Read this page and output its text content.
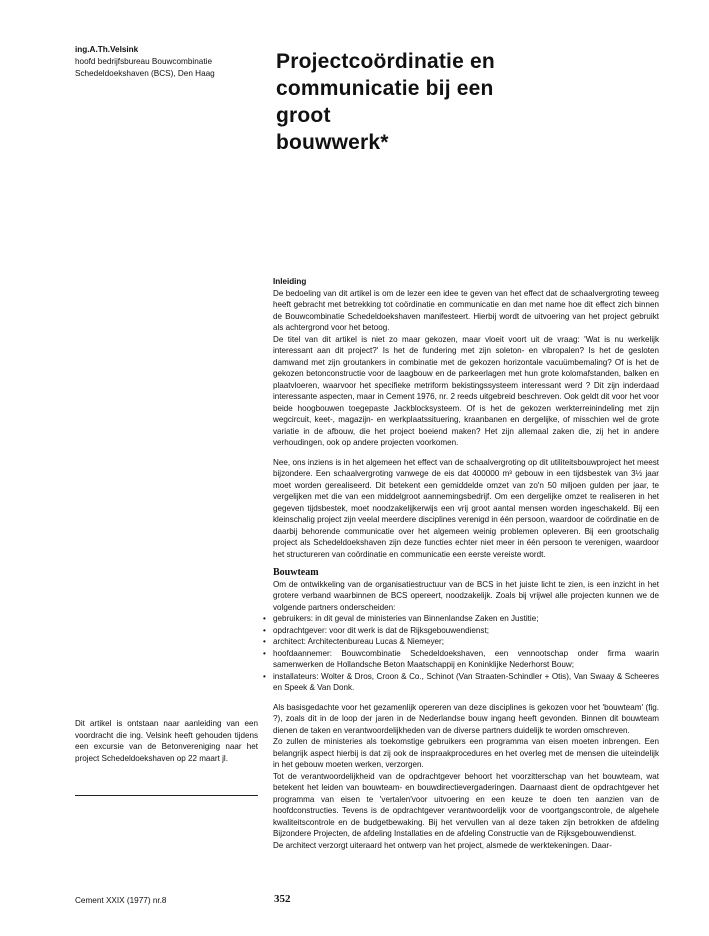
ing.A.Th.Velsink
hoofd bedrijfsbureau Bouwcombinatie
Schedeldoekshaven (BCS), Den Haag
Projectcoördinatie en
communicatie bij een
groot
bouwwerk*
Inleiding

De bedoeling van dit artikel is om de lezer een idee te geven van het effect dat de schaalvergroting teweeg heeft gebracht met betrekking tot coördinatie en communicatie en dan met name hoe dit effect zich binnen de Bouwcombinatie Schedeldoekshaven manifesteert. Hierbij wordt de uitvoering van het project gebruikt als achtergrond voor het betoog.

De titel van dit artikel is niet zo maar gekozen, maar vloeit voort uit de vraag: 'Wat is nu werkelijk interessant aan dit project?' Is het de fundering met zijn soleton- en vibropalen? Is het de gesloten damwand met zijn groutankers in combinatie met de gekozen horizontale vacuümbemaling? Of is het de gekozen betonconstructie voor de laagbouw en de parkeerlagen met hun grote kolomafstanden, balken en plaatvloeren, waarvoor het specifieke metriform bekistingssysteem interessant werd ? Dit zijn inderdaad interessante aspecten, maar in Cement 1976, nr. 2 reeds uitgebreid beschreven. Ook geldt dit voor het voor beide hoogbouwen toegepaste Jackblocksysteem. Of is het de gekozen werkterreinindeling met zijn wegcircuit, keet-, magazijn- en werkplaatssituering, kraanbanen en dergelijke, of misschien wel de grote variatie in de afbouw, die het project boeiend maken? Het zijn allemaal zaken die, zij het in andere verhoudingen, ook op andere projecten voorkomen.

Nee, ons inziens is in het algemeen het effect van de schaalvergroting op dit utiliteitsbouwproject het meest bijzondere. Een schaalvergroting vanwege de eis dat 400000 m³ gebouw in een tijdsbestek van 3½ jaar moet worden gerealiseerd. Dit betekent een gemiddelde omzet van zo'n 50 miljoen gulden per jaar, te vergelijken met die van een middelgroot aannemingsbedrijf. Om een dergelijke omzet te realiseren in het gegeven tijdsbestek, moet noodzakelijkerwijs een vrij groot aantal mensen worden ingeschakeld. Bij een kleinschalig project zijn veelal meerdere disciplines verenigd in één persoon, waardoor de coördinatie en de daarbij behorende communicatie over het algemeen weinig problemen opleveren. Bij een grootschalig project als Schedeldoekshaven zijn deze functies echter niet meer in één persoon te verenigen, waardoor het structureren van coördinatie en communicatie een eerste vereiste wordt.

Bouwteam

Om de ontwikkeling van de organisatiestructuur van de BCS in het juiste licht te zien, is een inzicht in het grotere verband waarbinnen de BCS opereert, noodzakelijk. Zoals bij vrijwel alle projecten kunnen we de volgende partners onderscheiden:

• gebruikers: in dit geval de ministeries van Binnenlandse Zaken en Justitie;
• opdrachtgever: voor dit werk is dat de Rijksgebouwendienst;
• architect: Architectenbureau Lucas & Niemeyer;
• hoofdaannemer: Bouwcombinatie Schedeldoekshaven, een vennootschap onder firma waarin samenwerken de Hollandsche Beton Maatschappij en Koninklijke Nederhorst Bouw;
• installateurs: Wolter & Dros, Croon & Co., Schinot (Van Straaten-Schindler + Otis), Van Swaay & Scheeres en Speek & Van Donk.

Als basisgedachte voor het gezamenlijk opereren van deze disciplines is gekozen voor het 'bouwteam' (fig. ?), zoals dit in de loop der jaren in de Nederlandse bouw ingang heeft gevonden. Binnen dit bouwteam dienen de taken en verantwoordelijkheden van de diverse partners duidelijk te worden omschreven.

Zo zullen de ministeries als toekomstige gebruikers een programma van eisen moeten inbrengen. Een belangrijk aspect hierbij is dat zij ook de inspraakprocedures en het overleg met de mensen die uiteindelijk in het gebouw moeten werken, verzorgen.

Tot de verantwoordelijkheid van de opdrachtgever behoort het voorzitterschap van het bouwteam, wat betekent het leiden van bouwteam- en bouwdirectievergaderingen. Daarnaast dient de opdrachtgever het programma van eisen te 'vertalen'voor uitvoering en een keuze te doen ten aanzien van de hoofdconstructies. Tevens is de opdrachtgever verantwoordelijk voor de voortgangscontrole, de algehele kwaliteitscontrole en de budgetbewaking. Bij het vervullen van al deze taken zijn betrokken de afdeling Bijzondere Projecten, de afdeling Installaties en de afdeling Constructie van de Rijksgebouwendienst.

De architect verzorgt uiteraard het ontwerp van het project, alsmede de werktekeningen. Daar-

Dit artikel is ontstaan naar aanleiding van een voordracht die ing. Velsink heeft gehouden tijdens een excursie van de Betonvereniging naar het project Schedeldoekshaven op 22 maart jl.

Cement XXIX (1977) nr.8	352
